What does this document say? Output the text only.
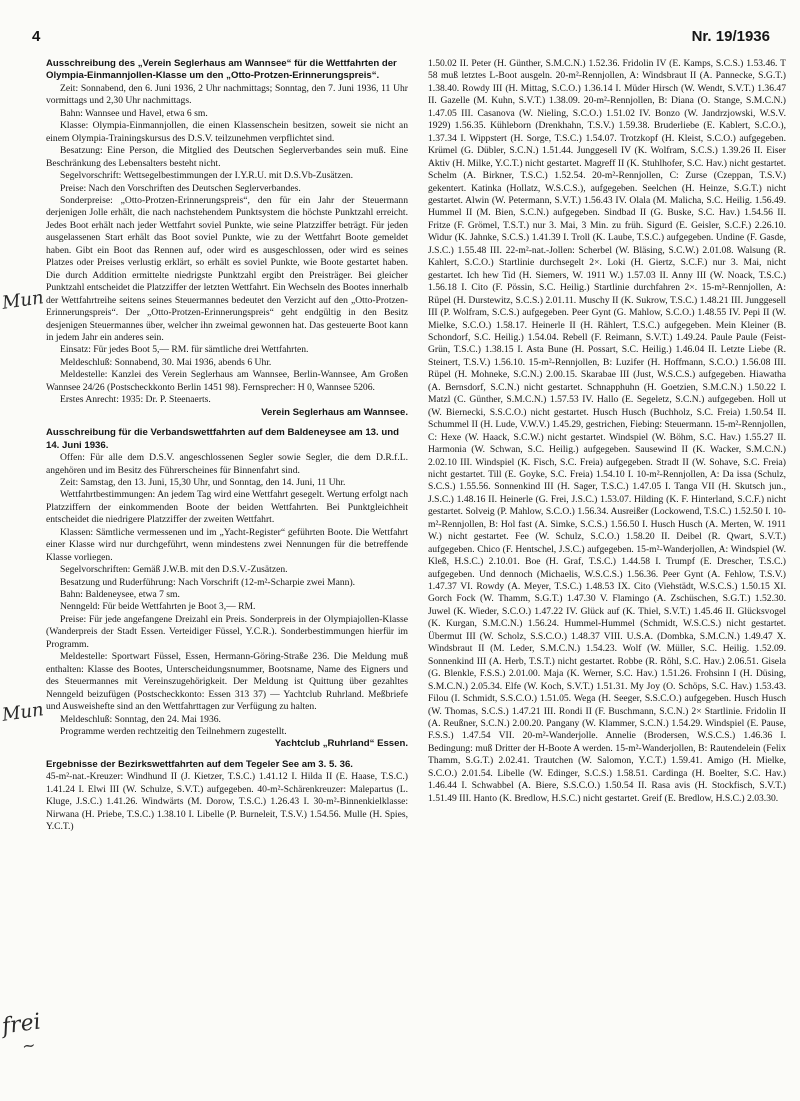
4	Nr. 19/1936
Mun
Mun
frei
~

Ausschreibung des „Verein Seglerhaus am Wannsee“ für die Wettfahrten der Olympia-Einmannjollen-Klasse um den „Otto-Protzen-Erinnerungspreis“.

Zeit: Sonnabend, den 6. Juni 1936, 2 Uhr nachmittags; Sonntag, den 7. Juni 1936, 11 Uhr vormittags und 2,30 Uhr nachmittags.

Bahn: Wannsee und Havel, etwa 6 sm.

Klasse: Olympia-Einmannjollen, die einen Klassenschein besitzen, soweit sie nicht an einem Olympia-Trainingskursus des D.S.V. teilzunehmen verpflichtet sind.

Besatzung: Eine Person, die Mitglied des Deutschen Seglerverbandes sein muß. Eine Beschränkung des Lebensalters besteht nicht.

Segelvorschrift: Wettsegelbestimmungen der I.Y.R.U. mit D.S.Vb-Zusätzen.

Preise: Nach den Vorschriften des Deutschen Seglerverbandes.

Sonderpreise: „Otto-Protzen-Erinnerungspreis“, den für ein Jahr der Steuermann derjenigen Jolle erhält, die nach nachstehendem Punktsystem die höchste Punktzahl erreicht. Jedes Boot erhält nach jeder Wettfahrt soviel Punkte, wie seine Platzziffer beträgt. Für jeden ausgelassenen Start erhält das Boot soviel Punkte, wie zu der Wettfahrt Boote gemeldet haben. Gibt ein Boot das Rennen auf, oder wird es ausgeschlossen, oder wird es seines Platzes oder Preises verlustig erklärt, so erhält es soviel Punkte, wie Boote gestartet haben. Die durch Addition ermittelte niedrigste Punktzahl ergibt den Preisträger. Bei gleicher Punktzahl entscheidet die Platzziffer der letzten Wettfahrt. Ein Wechseln des Bootes innerhalb der Wettfahrtreihe seitens seines Steuermannes bedeutet den Verzicht auf den „Otto-Protzen-Erinnerungspreis“. Der „Otto-Protzen-Erinnerungspreis“ geht endgültig in den Besitz desjenigen Steuermannes über, welcher ihn zweimal gewonnen hat. Das gesteuerte Boot kann in jedem Jahr ein anderes sein.

Einsatz: Für jedes Boot 5,— RM. für sämtliche drei Wettfahrten.

Meldeschluß: Sonnabend, 30. Mai 1936, abends 6 Uhr.

Meldestelle: Kanzlei des Verein Seglerhaus am Wannsee, Berlin-Wannsee, Am Großen Wannsee 24/26 (Postscheckkonto Berlin 1451 98). Fernsprecher: H 0, Wannsee 5206.

Erstes Anrecht: 1935: Dr. P. Steenaerts.

Verein Seglerhaus am Wannsee.

Ausschreibung für die Verbandswettfahrten auf dem Baldeneysee am 13. und 14. Juni 1936.

Offen: Für alle dem D.S.V. angeschlossenen Segler sowie Segler, die dem D.R.f.L. angehören und im Besitz des Führerscheines für Binnenfahrt sind.

Zeit: Samstag, den 13. Juni, 15,30 Uhr, und Sonntag, den 14. Juni, 11 Uhr.

Wettfahrtbestimmungen: An jedem Tag wird eine Wettfahrt gesegelt. Wertung erfolgt nach Platzziffern der einkommenden Boote der beiden Wettfahrten. Bei Punktgleichheit entscheidet die niedrigere Platzziffer der zweiten Wettfahrt.

Klassen: Sämtliche vermessenen und im „Yacht-Register“ geführten Boote. Die Wettfahrt einer Klasse wird nur durchgeführt, wenn mindestens zwei Nennungen für die betreffende Klasse vorliegen.

Segelvorschriften: Gemäß J.W.B. mit den D.S.V.-Zusätzen.

Besatzung und Ruderführung: Nach Vorschrift (12-m²-Scharpie zwei Mann).

Bahn: Baldeneysee, etwa 7 sm.

Nenngeld: Für beide Wettfahrten je Boot 3,— RM.

Preise: Für jede angefangene Dreizahl ein Preis. Sonderpreis in der Olympiajollen-Klasse (Wanderpreis der Stadt Essen. Verteidiger Füssel, Y.C.R.). Sonderbestimmungen hierfür im Programm.

Meldestelle: Sportwart Füssel, Essen, Hermann-Göring-Straße 236. Die Meldung muß enthalten: Klasse des Bootes, Unterscheidungsnummer, Bootsname, Name des Eigners und des Steuermannes mit Vereinszugehörigkeit. Der Meldung ist Quittung über gezahltes Nenngeld beizufügen (Postscheckkonto: Essen 313 37) — Yachtclub Ruhrland. Meßbriefe und Ausweishefte sind an den Wettfahrttagen zur Verfügung zu halten.

Meldeschluß: Sonntag, den 24. Mai 1936.

Programme werden rechtzeitig den Teilnehmern zugestellt.

Yachtclub „Ruhrland“ Essen.

Ergebnisse der Bezirkswettfahrten auf dem Tegeler See am 3. 5. 36.

45-m²-nat.-Kreuzer: Windhund II (J. Kietzer, T.S.C.) 1.41.12 I. Hilda II (E. Haase, T.S.C.) 1.41.24 I. Elwi III (W. Schulze, S.V.T.) aufgegeben. 40-m²-Schärenkreuzer: Malepartus (L. Kluge, J.S.C.) 1.41.26. Windwärts (M. Dorow, T.S.C.) 1.26.43 I. 30-m²-Binnenkielklasse: Nirwana (H. Priebe, T.S.C.) 1.38.10 I. Libelle (P. Burneleit, T.S.V.) 1.54.56. Mulle (H. Spies, Y.C.T.)

1.50.02 II. Peter (H. Günther, S.M.C.N.) 1.52.36. Fridolin IV (E. Kamps, S.C.S.) 1.53.46. T 58 muß letztes L-Boot ausgeln. 20-m²-Rennjollen, A: Windsbraut II (A. Pannecke, S.G.T.) 1.38.40. Rowdy III (H. Mittag, S.C.O.) 1.36.14 I. Müder Hirsch (W. Wendt, S.V.T.) 1.36.47 II. Gazelle (M. Kuhn, S.V.T.) 1.38.09. 20-m²-Rennjollen, B: Diana (O. Stange, S.M.C.N.) 1.47.05 III. Casanova (W. Nieling, S.C.O.) 1.51.02 IV. Bonzo (W. Jandrzjowski, W.S.V. 1929) 1.56.35. Kühleborn (Drenkhahn, T.S.V.) 1.59.38. Bruderliebe (E. Kablert, S.C.O.), 1.37.34 I. Wippstert (H. Sorge, T.S.C.) 1.54.07. Trotzkopf (H. Kleist, S.C.O.) aufgegeben. Krümel (G. Dübler, S.C.N.) 1.51.44. Junggesell IV (K. Wolfram, S.C.S.) 1.39.26 II. Eiser Aktiv (H. Milke, Y.C.T.) nicht gestartet. Magreff II (K. Stuhlhofer, S.C. Hav.) nicht gestartet. Schelm (A. Birkner, T.S.C.) 1.52.54. 20-m²-Rennjollen, C: Zurse (Czeppan, T.S.V.) gekentert. Katinka (Hollatz, W.S.C.S.), aufgegeben. Seelchen (H. Heinze, S.G.T.) nicht gestartet. Alwin (W. Petermann, S.V.T.) 1.56.43 IV. Olala (M. Malicha, S.C. Heilig. 1.56.49. Hummel II (M. Bien, S.C.N.) aufgegeben. Sindbad II (G. Buske, S.C. Hav.) 1.54.56 II. Fritze (F. Grömel, T.S.T.) nur 3. Mai, 3 Min. zu früh. Sigurd (E. Geisler, S.C.F.) 2.26.10. Widur (K. Jahnke, S.C.S.) 1.41.39 I. Troll (K. Laube, T.S.C.) aufgegeben. Undine (F. Gasde, J.S.C.) 1.55.48 III. 22-m²-nat.-Jollen: Scherbel (W. Bläsing, S.C.W.) 2.01.08. Walsung (R. Kahlert, S.C.O.) Startlinie durchsegelt 2×. Loki (H. Giertz, S.C.F.) nur 3. Mai, nicht gestartet. Ich hew Tid (H. Siemers, W. 1911 W.) 1.57.03 II. Anny III (W. Noack, T.S.C.) 1.56.18 I. Cito (F. Pössin, S.C. Heilig.) Startlinie durchfahren 2×. 15-m²-Rennjollen, A: Rüpel (H. Durstewitz, S.C.S.) 2.01.11. Muschy II (K. Sukrow, T.S.C.) 1.48.21 III. Junggesell III (P. Wolfram, S.C.S.) aufgegeben. Peer Gynt (G. Mahlow, S.C.O.) 1.48.55 IV. Pepi II (W. Mielke, S.C.O.) 1.58.17. Heinerle II (H. Rählert, T.S.C.) aufgegeben. Mein Kleiner (B. Schondorf, S.C. Heilig.) 1.54.04. Rebell (F. Reimann, S.V.T.) 1.49.24. Paule Paule (Feist-Grün, T.S.C.) 1.38.15 I. Asta Bune (H. Possart, S.C. Heilig.) 1.46.04 II. Letzte Liebe (R. Steinert, T.S.V.) 1.56.10. 15-m²-Rennjollen, B: Luzifer (H. Hoffmann, S.C.O.) 1.56.08 III. Rüpel (H. Mohneke, S.C.N.) 2.00.15. Skarabae III (Just, W.S.C.S.) aufgegeben. Hiawatha (A. Bernsdorf, S.C.N.) nicht gestartet. Schnapphuhn (H. Goetzien, S.M.C.N.) 1.50.22 I. Matzl (C. Günther, S.M.C.N.) 1.57.53 IV. Hallo (E. Segeletz, S.C.N.) aufgegeben. Holl ut (W. Biernecki, S.S.C.O.) nicht gestartet. Husch Husch (Buchholz, S.C. Freia) 1.50.54 II. Schummel II (H. Lude, V.W.V.) 1.45.29, gestrichen, Fiebing: Steuermann. 15-m²-Rennjollen, C: Hexe (W. Haack, S.C.W.) nicht gestartet. Windspiel (W. Böhm, S.C. Hav.) 1.55.27 II. Harmonia (W. Schwan, S.C. Heilig.) aufgegeben. Sausewind II (K. Wacker, S.M.C.N.) 2.02.10 III. Windspiel (K. Fisch, S.C. Freia) aufgegeben. Stradt II (W. Sohave, S.C. Freia) nicht gestartet. Till (E. Goyke, S.C. Freia) 1.54.10 I. 10-m²-Rennjollen, A: Da issa (Schulz, S.C.S.) 1.55.56. Sonnenkind III (H. Sager, T.S.C.) 1.47.05 I. Tanga VII (H. Skutsch jun., J.S.C.) 1.48.16 II. Heinerle (G. Frei, J.S.C.) 1.53.07. Hilding (K. F. Hinterland, S.C.F.) nicht gestartet. Solveig (P. Mahlow, S.C.O.) 1.56.34. Ausreißer (Lockowend, T.S.C.) 1.52.50 I. 10-m²-Rennjollen, B: Hol fast (A. Simke, S.C.S.) 1.56.50 I. Husch Husch (A. Merten, W. 1911 W.) nicht gestartet. Fee (W. Schulz, S.C.O.) 1.58.20 II. Deibel (R. Qwart, S.V.T.) aufgegeben. Chico (F. Hentschel, J.S.C.) aufgegeben. 15-m²-Wanderjollen, A: Windspiel (W. Kleß, H.S.C.) 2.10.01. Boe (H. Graf, T.S.C.) 1.44.58 I. Trumpf (E. Drescher, T.S.C.) aufgegeben. Und dennoch (Michaelis, W.S.C.S.) 1.56.36. Peer Gynt (A. Fehlow, T.S.V.) 1.47.37 VI. Rowdy (A. Meyer, T.S.C.) 1.48.53 IX. Cito (Viehstädt, W.S.C.S.) 1.50.15 XI. Gorch Fock (W. Thamm, S.G.T.) 1.47.30 V. Flamingo (A. Zschüschen, S.G.T.) 1.52.30. Juwel (K. Wieder, S.C.O.) 1.47.22 IV. Glück auf (K. Thiel, S.V.T.) 1.45.46 II. Glücksvogel (K. Kurgan, S.M.C.N.) 1.56.24. Hummel-Hummel (Schmidt, W.S.C.S.) nicht gestartet. Übermut III (W. Scholz, S.S.C.O.) 1.48.37 VIII. U.S.A. (Dombka, S.M.C.N.) 1.49.47 X. Windsbraut II (M. Leder, S.M.C.N.) 1.54.23. Wolf (W. Müller, S.C. Heilig. 1.52.09. Sonnenkind III (A. Herb, T.S.T.) nicht gestartet. Robbe (R. Röhl, S.C. Hav.) 2.06.51. Gisela (G. Blenkle, F.S.S.) 2.01.00. Maja (K. Werner, S.C. Hav.) 1.51.26. Frohsinn I (H. Düsing, S.M.C.N.) 2.05.34. Elfe (W. Koch, S.V.T.) 1.51.31. My Joy (O. Schöps, S.C. Hav.) 1.53.43. Filou (I. Schmidt, S.S.C.O.) 1.51.05. Wega (H. Seeger, S.S.C.O.) aufgegeben. Husch Husch (W. Thomas, S.C.S.) 1.47.21 III. Rondi II (F. Buschmann, S.C.N.) 2× Startlinie. Fridolin II (A. Reußner, S.C.N.) 2.00.20. Pangany (W. Klammer, S.C.N.) 1.54.29. Windspiel (E. Pause, F.S.S.) 1.47.54 VII. 20-m²-Wanderjolle. Annelie (Brodersen, W.S.C.S.) 1.46.36 I. Bedingung: muß Dritter der H-Boote A werden. 15-m²-Wanderjollen, B: Rautendelein (Felix Thamm, S.G.T.) 2.02.41. Trautchen (W. Salomon, Y.C.T.) 1.59.41. Amigo (H. Mielke, S.C.O.) 2.01.54. Libelle (W. Edinger, S.C.S.) 1.58.51. Cardinga (H. Boelter, S.C. Hav.) 1.46.44 I. Schwabbel (A. Biere, S.S.C.O.) 1.50.54 II. Rasa avis (H. Stockfisch, S.V.T.) 1.51.49 III. Hanto (K. Bredlow, H.S.C.) nicht gestartet. Greif (E. Bredlow, H.S.C.) 2.03.30.
